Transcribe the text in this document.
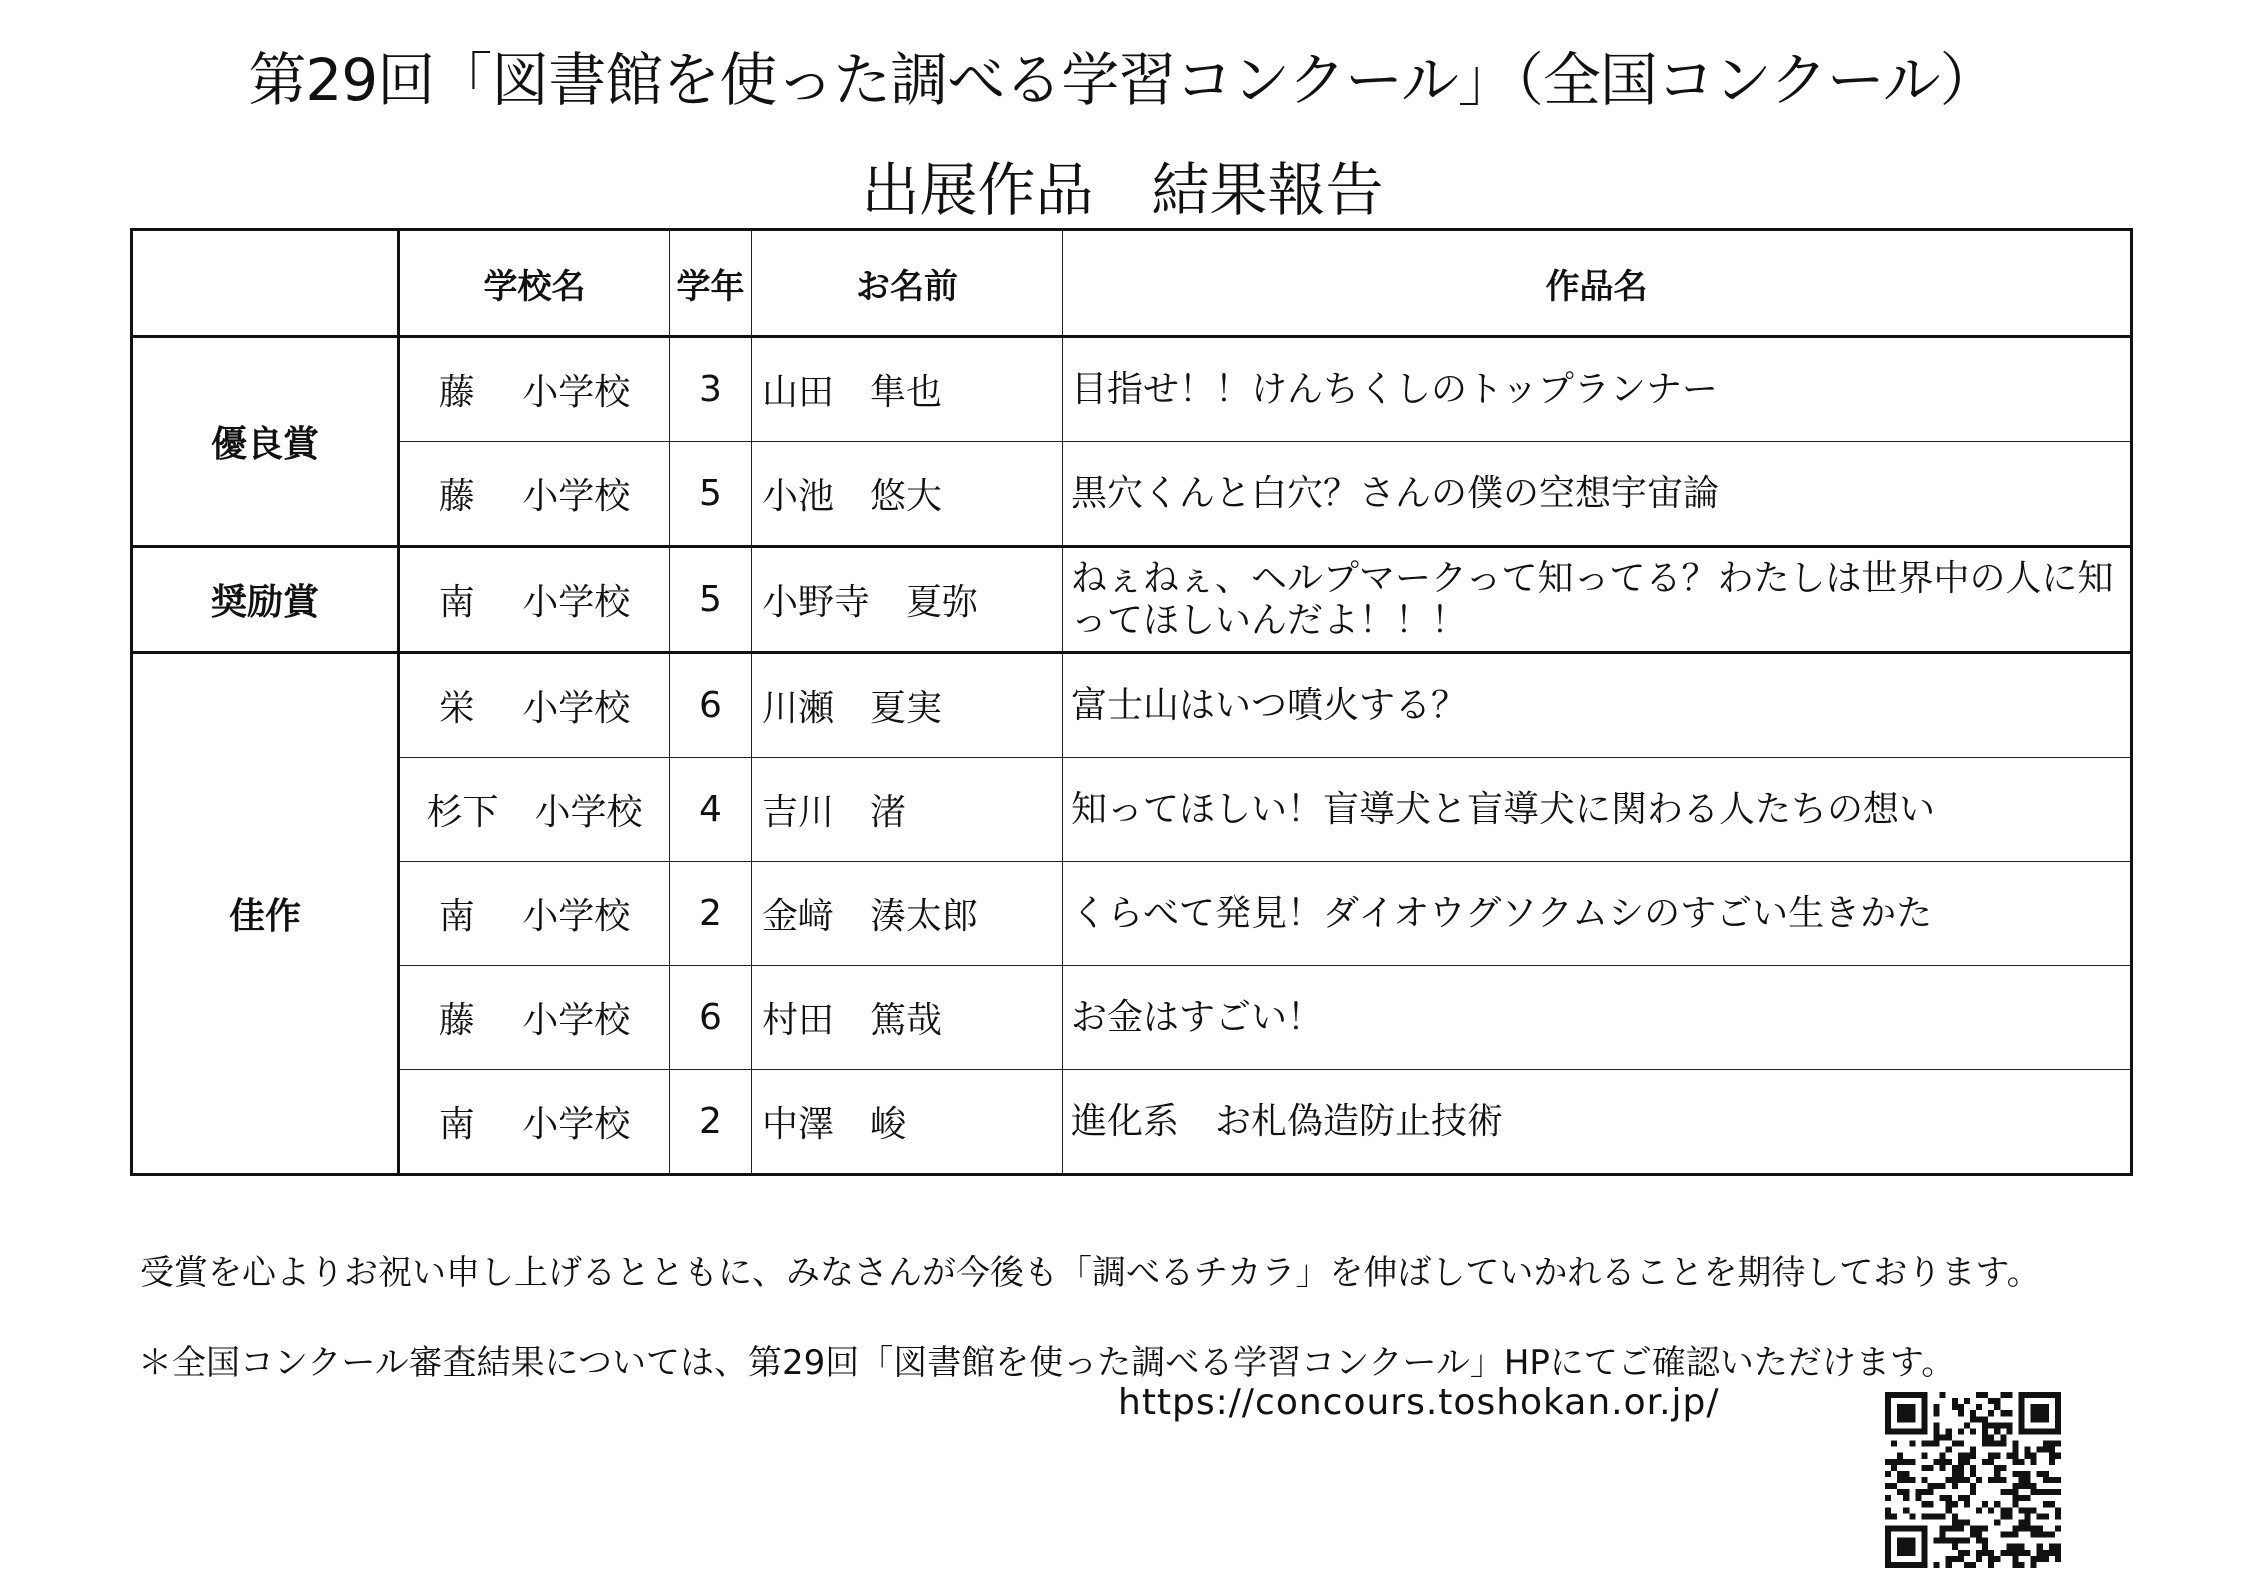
第29回「図書館を使った調べる学習コンクール」（全国コンクール）
出展作品　結果報告
	学校名	学年	お名前	作品名
優良賞	藤　 小学校	3	山田　隼也	目指せ！！けんちくしのトップランナー
	藤　 小学校	5	小池　悠大	黒穴くんと白穴？さんの僕の空想宇宙論
奨励賞	南　 小学校	5	小野寺　夏弥	ねぇねぇ、ヘルプマークって知ってる？わたしは世界中の人に知ってほしいんだよ！！！
佳作	栄　 小学校	6	川瀬　夏実	富士山はいつ噴火する？
	杉下　小学校	4	吉川　渚	知ってほしい！盲導犬と盲導犬に関わる人たちの想い
	南　 小学校	2	金﨑　湊太郎	くらべて発見！ダイオウグソクムシのすごい生きかた
	藤　 小学校	6	村田　篤哉	お金はすごい！
	南　 小学校	2	中澤　峻	進化系　お札偽造防止技術
受賞を心よりお祝い申し上げるとともに、みなさんが今後も「調べるチカラ」を伸ばしていかれることを期待しております。
＊全国コンクール審査結果については、第29回「図書館を使った調べる学習コンクール」HPにてご確認いただけます。
https://concours.toshokan.or.jp/
